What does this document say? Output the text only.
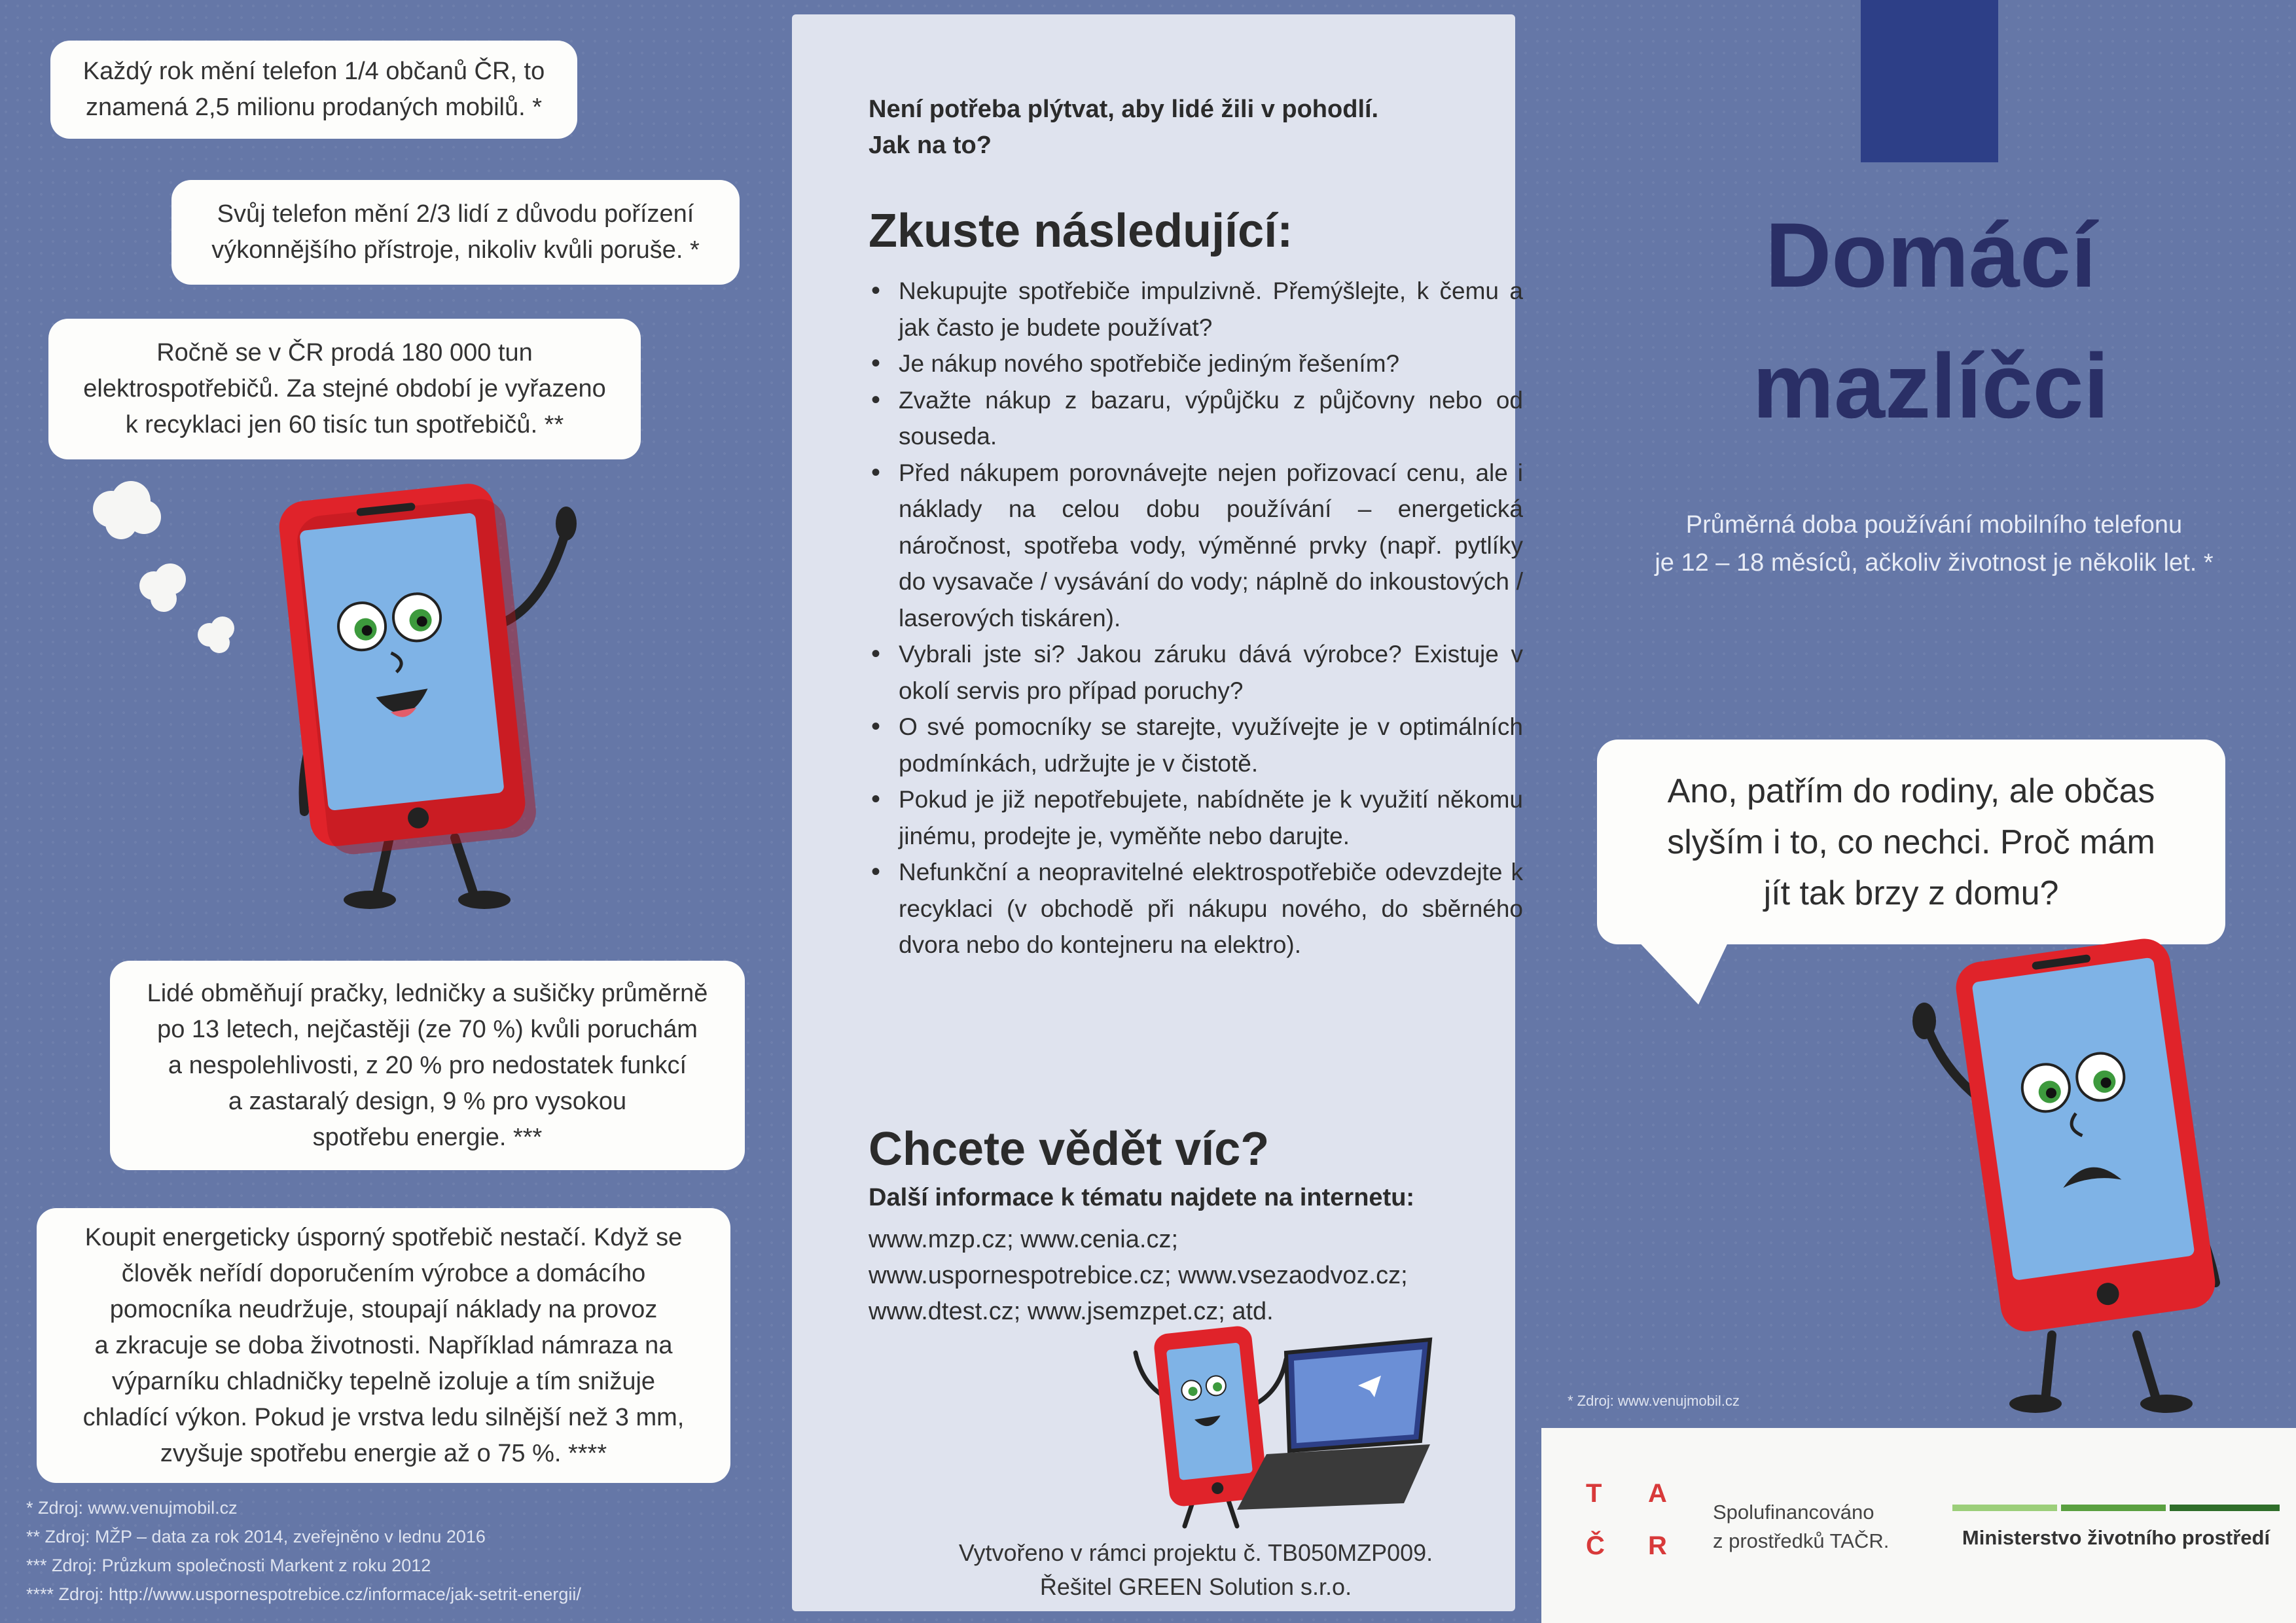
Každý rok mění telefon 1/4 občanů ČR, to
znamená 2,5 milionu prodaných mobilů. *
Svůj telefon mění 2/3 lidí z důvodu pořízení
výkonnějšího přístroje, nikoliv kvůli poruše. *
Ročně se v ČR prodá 180 000 tun
elektrospotřebičů. Za stejné období je vyřazeno
k recyklaci jen 60 tisíc tun spotřebičů. **
Lidé obměňují pračky, ledničky a sušičky průměrně
po 13 letech, nejčastěji (ze 70 %) kvůli poruchám
a nespolehlivosti, z 20 % pro nedostatek funkcí
a zastaralý design, 9 % pro vysokou
spotřebu energie. ***
Koupit energeticky úsporný spotřebič nestačí. Když se
člověk neřídí doporučením výrobce a domácího
pomocníka neudržuje, stoupají náklady na provoz
a zkracuje se doba životnosti. Například námraza na
výparníku chladničky tepelně izoluje a tím snižuje
chladící výkon. Pokud je vrstva ledu silnější než 3 mm,
zvyšuje spotřebu energie až o 75 %. ****
* Zdroj: www.venujmobil.cz
** Zdroj: MŽP – data za rok 2014, zveřejněno v lednu 2016
*** Zdroj: Průzkum společnosti Markent z roku 2012
**** Zdroj: http://www.uspornespotrebice.cz/informace/jak-setrit-energii/
Není potřeba plýtvat, aby lidé žili v pohodlí.
Jak na to?
Zkuste následující:
• Nekupujte spotřebiče impulzivně. Přemýšlejte, k čemu a jak často je budete používat?
• Je nákup nového spotřebiče jediným řešením?
• Zvažte nákup z bazaru, výpůjčku z půjčovny nebo od souseda.
• Před nákupem porovnávejte nejen pořizovací cenu, ale i náklady na celou dobu používání – energetická náročnost, spotřeba vody, výměnné prvky (např. pytlíky do vysavače / vysávání do vody; náplně do inkoustových / laserových tiskáren).
• Vybrali jste si? Jakou záruku dává výrobce? Existuje v okolí servis pro případ poruchy?
• O své pomocníky se starejte, využívejte je v optimálních podmínkách, udržujte je v čistotě.
• Pokud je již nepotřebujete, nabídněte je k využití někomu jinému, prodejte je, vyměňte nebo darujte.
• Nefunkční a neopravitelné elektrospotřebiče odevzdejte k recyklaci (v obchodě při nákupu nového, do sběrného dvora nebo do kontejneru na elektro).
Chcete vědět víc?
Další informace k tématu najdete na internetu:
www.mzp.cz; www.cenia.cz;
www.uspornespotrebice.cz; www.vsezaodvoz.cz;
www.dtest.cz; www.jsemzpet.cz; atd.
Vytvořeno v rámci projektu č. TB050MZP009.
Řešitel GREEN Solution s.r.o.
Domácí
mazlíčci
Průměrná doba používání mobilního telefonu
je 12 – 18 měsíců, ačkoliv životnost je několik let. *
Ano, patřím do rodiny, ale občas
slyším i to, co nechci. Proč mám
jít tak brzy z domu?
* Zdroj: www.venujmobil.cz
T A
Č R
Spolufinancováno
z prostředků TAČR.	Ministerstvo životního prostředí
